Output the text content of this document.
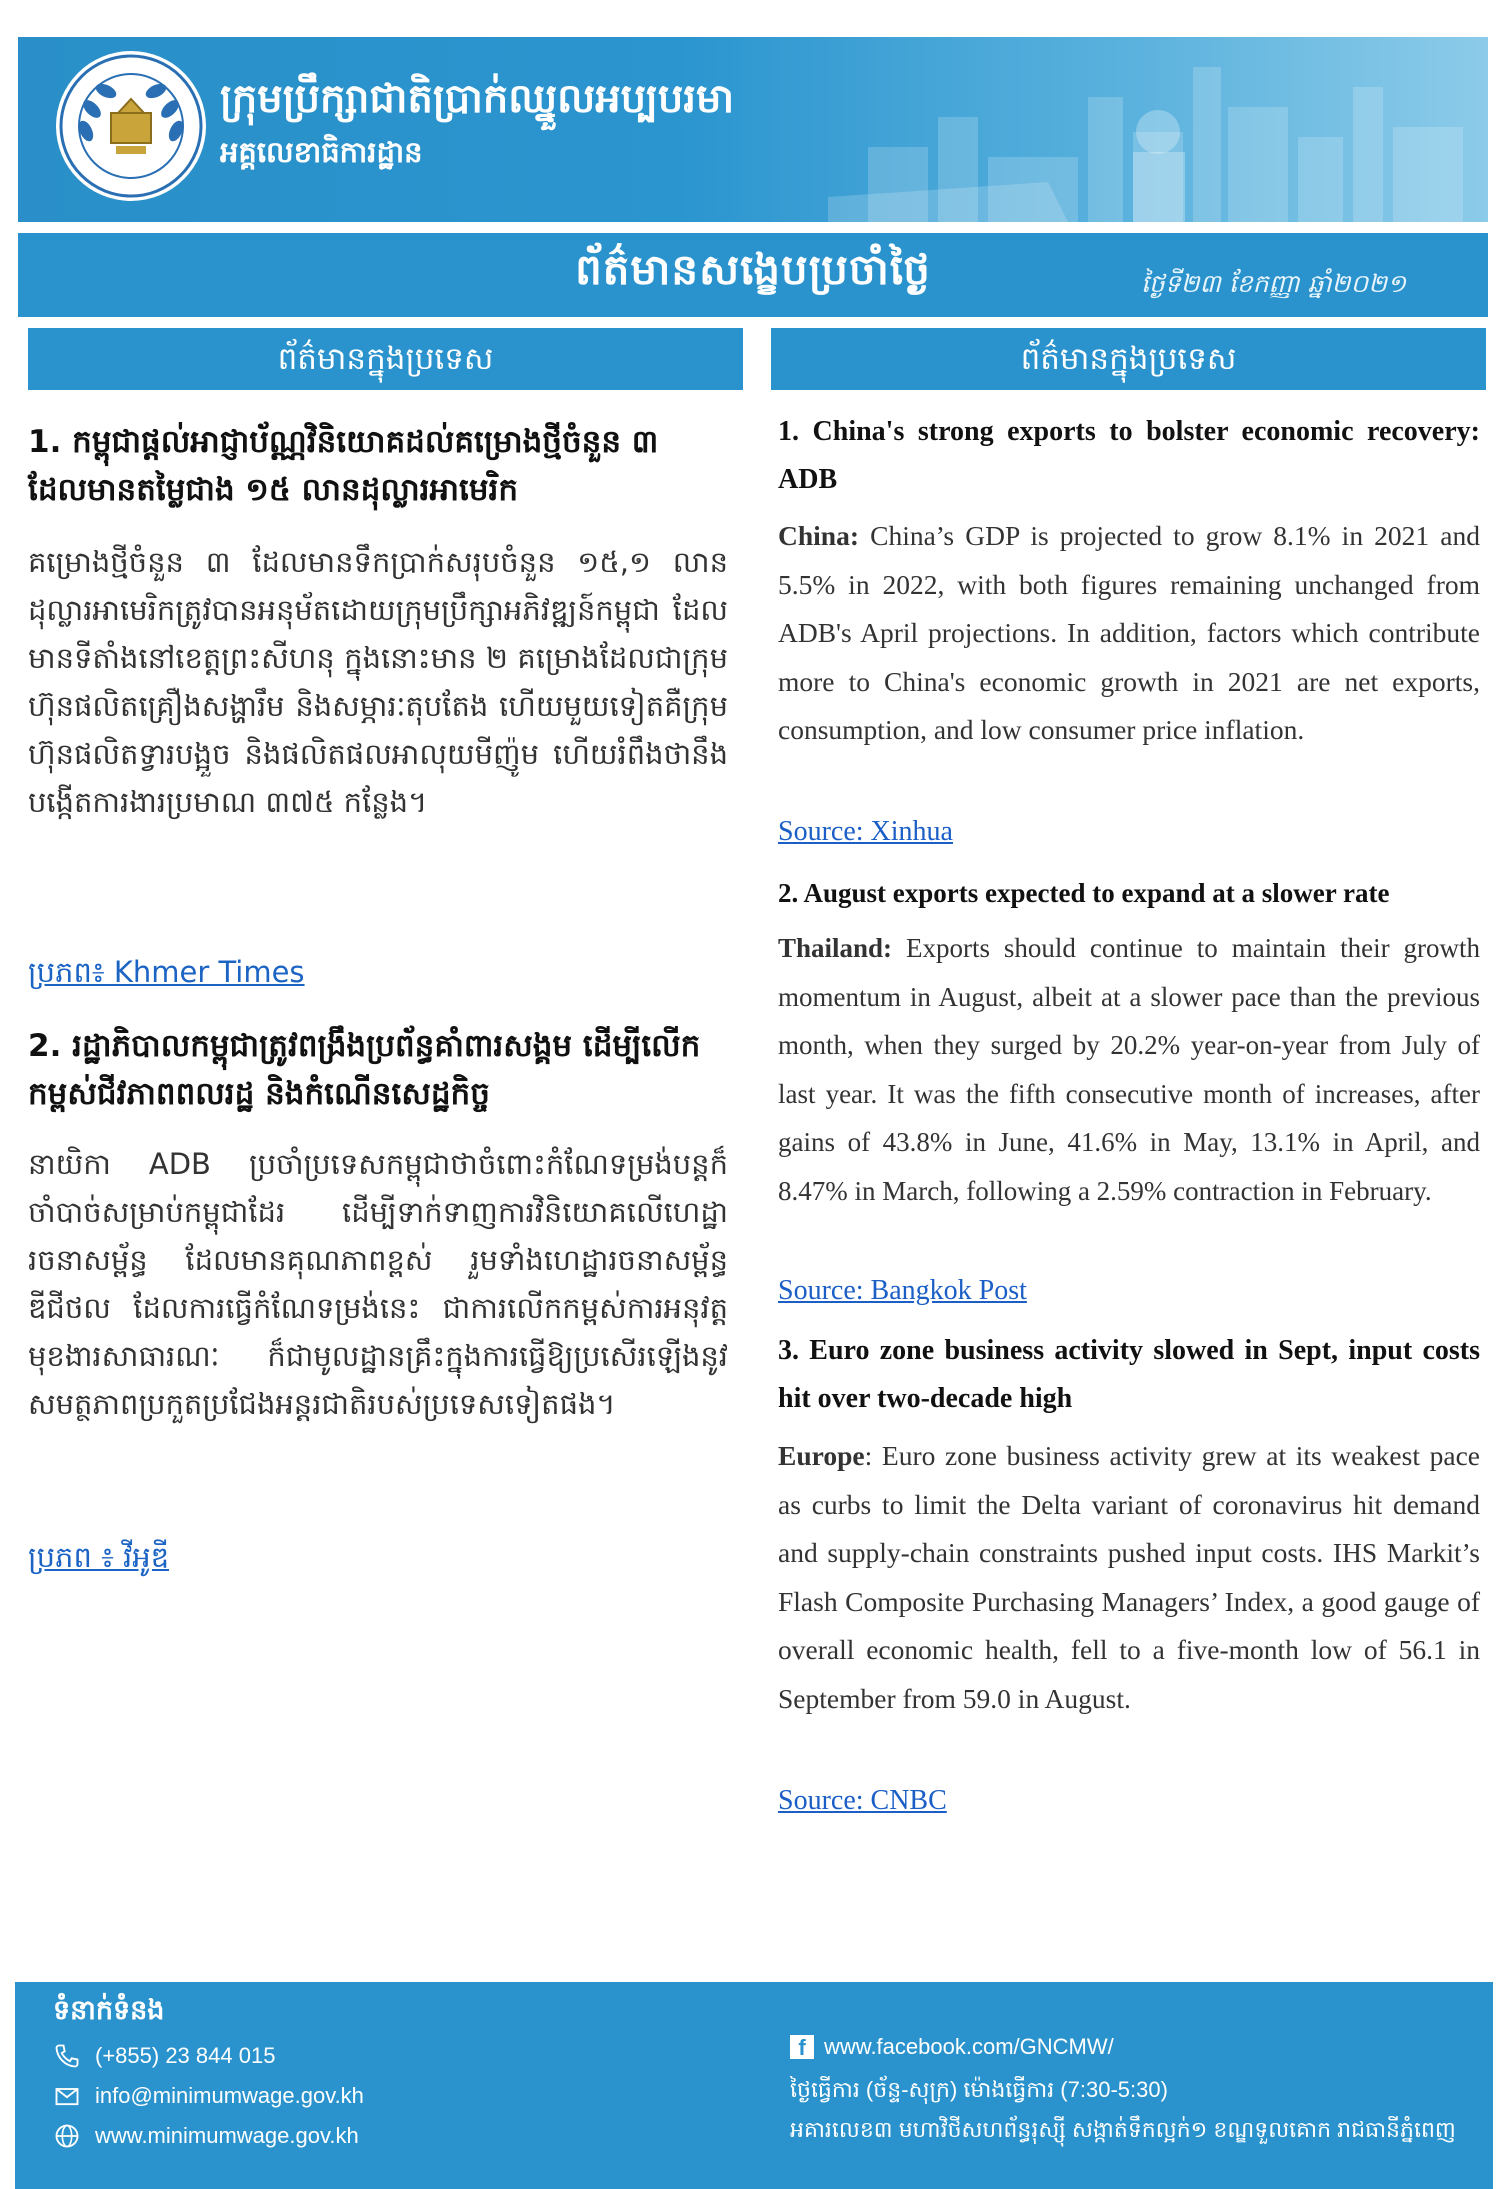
ក្រុមប្រឹក្សាជាតិប្រាក់ឈ្នួលអប្បបរមា
អគ្គលេខាធិការដ្ឋាន
ព័ត៌មានសង្ខេបប្រចាំថ្ងៃ	ថ្ងៃទី២៣ ខែកញ្ញា ឆ្នាំ២០២១
ព័ត៌មានក្នុងប្រទេស	ព័ត៌មានក្នុងប្រទេស
1. កម្ពុជាផ្តល់អាជ្ញាប័ណ្ណវិនិយោគដល់គម្រោងថ្មីចំនួន ៣ ដែលមានតម្លៃជាង ១៥ លានដុល្លារអាមេរិក
គម្រោងថ្មីចំនួន ៣ ដែលមានទឹកប្រាក់សរុបចំនួន ១៥,១ លានដុល្លារអាមេរិកត្រូវបានអនុម័តដោយក្រុមប្រឹក្សាអភិវឌ្ឍន៍កម្ពុជា ដែលមានទីតាំងនៅខេត្តព្រះសីហនុ ក្នុងនោះមាន ២ គម្រោងដែលជាក្រុមហ៊ុនផលិតគ្រឿងសង្ហារឹម និងសម្ភារៈតុបតែង ហើយមួយទៀតគឺក្រុមហ៊ុនផលិតទ្វារបង្អួច និងផលិតផលអាលុយមីញ៉ូម ហើយរំពឹងថានឹងបង្កើតការងារប្រមាណ ៣៧៥ កន្លែង។
ប្រភព៖ Khmer Times
2. រដ្ឋាភិបាលកម្ពុជាត្រូវពង្រឹងប្រព័ន្ធគាំពារសង្គម ដើម្បីលើកកម្ពស់ជីវភាពពលរដ្ឋ និងកំណើនសេដ្ឋកិច្ច
នាយិកា ADB ប្រចាំប្រទេសកម្ពុជាថាចំពោះកំណែទម្រង់បន្តក៏ចាំបាច់សម្រាប់កម្ពុជាដែរ ដើម្បីទាក់ទាញការវិនិយោគលើហេដ្ឋារចនាសម្ព័ន្ធ ដែលមានគុណភាពខ្ពស់ រួមទាំងហេដ្ឋារចនាសម្ព័ន្ធ ឌីជីថល ដែលការធ្វើកំណែទម្រង់នេះ ជាការលើកកម្ពស់ការអនុវត្តមុខងារសាធារណៈ ក៏ជាមូលដ្ឋានគ្រឹះក្នុងការធ្វើឱ្យប្រសើរឡើងនូវសមត្ថភាពប្រកួតប្រជែងអន្តរជាតិរបស់ប្រទេសទៀតផង។
ប្រភព ៖ វីអូឌី
1. China's strong exports to bolster economic recovery: ADB
China: China’s GDP is projected to grow 8.1% in 2021 and 5.5% in 2022, with both figures remaining unchanged from ADB's April projections. In addition, factors which contribute more to China's economic growth in 2021 are net exports, consumption, and low consumer price inflation.
Source: Xinhua
2. August exports expected to expand at a slower rate
Thailand: Exports should continue to maintain their growth momentum in August, albeit at a slower pace than the previous month, when they surged by 20.2% year-on-year from July of last year. It was the fifth consecutive month of increases, after gains of 43.8% in June, 41.6% in May, 13.1% in April, and 8.47% in March, following a 2.59% contraction in February.
Source: Bangkok Post
3. Euro zone business activity slowed in Sept, input costs hit over two-decade high
Europe: Euro zone business activity grew at its weakest pace as curbs to limit the Delta variant of coronavirus hit demand and supply-chain constraints pushed input costs. IHS Markit’s Flash Composite Purchasing Managers’ Index, a good gauge of overall economic health, fell to a five-month low of 56.1 in September from 59.0 in August.
Source: CNBC
ទំនាក់ទំនង
(+855) 23 844 015
info@minimumwage.gov.kh
www.minimumwage.gov.kh
f www.facebook.com/GNCMW/
ថ្ងៃធ្វើការ (ច័ន្ទ-សុក្រ) ម៉ោងធ្វើការ (7:30-5:30)
អគារលេខ៣ មហាវិថីសហព័ន្ធរុស្ស៊ី សង្កាត់ទឹកល្អក់១ ខណ្ឌទួលគោក រាជធានីភ្នំពេញ
